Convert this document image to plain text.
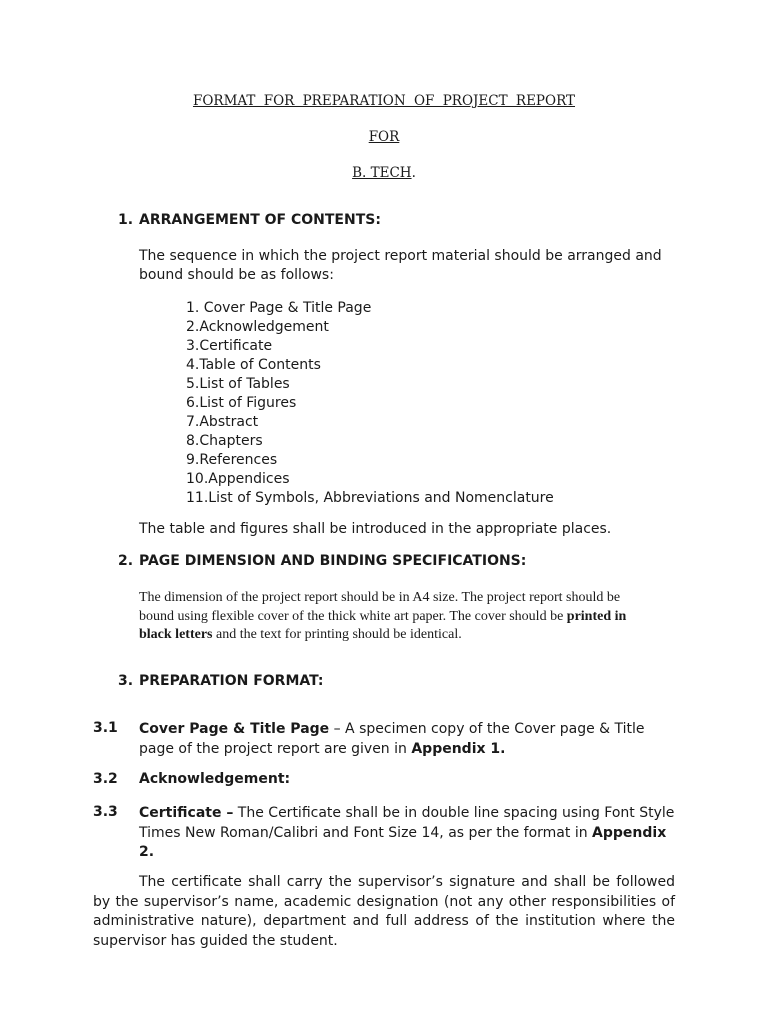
FORMAT FOR PREPARATION OF PROJECT REPORT
FOR
B. TECH.
1. ARRANGEMENT OF CONTENTS:
The sequence in which the project report material should be arranged and
bound should be as follows:
1. Cover Page & Title Page
2.Acknowledgement
3.Certificate
4.Table of Contents
5.List of Tables
6.List of Figures
7.Abstract
8.Chapters
9.References
10.Appendices
11.List of Symbols, Abbreviations and Nomenclature
The table and figures shall be introduced in the appropriate places.
2. PAGE DIMENSION AND BINDING SPECIFICATIONS:
The dimension of the project report should be in A4 size. The project report should be
bound using flexible cover of the thick white art paper. The cover should be printed in
black letters and the text for printing should be identical.
3. PREPARATION FORMAT:
3.1 Cover Page & Title Page – A specimen copy of the Cover page & Title
page of the project report are given in Appendix 1.
3.2 Acknowledgement:
3.3 Certificate – The Certificate shall be in double line spacing using Font Style
Times New Roman/Calibri and Font Size 14, as per the format in Appendix
2.

The certificate shall carry the supervisor’s signature and shall be followed by the supervisor’s name, academic designation (not any other responsibilities of administrative nature), department and full address of the institution where the supervisor has guided the student.
